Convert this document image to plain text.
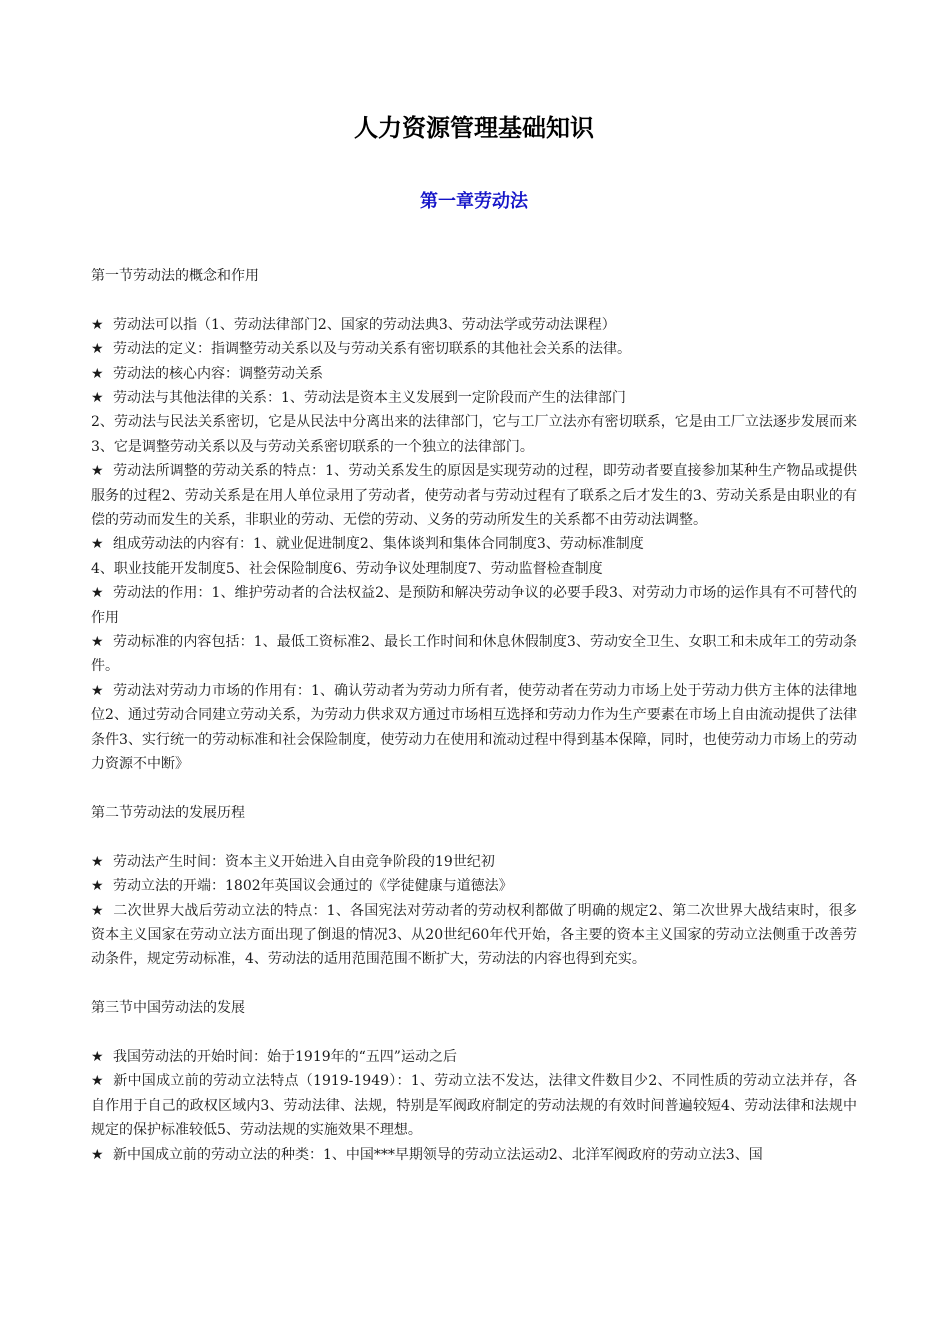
人力资源管理基础知识
第一章劳动法

第一节劳动法的概念和作用

★ 劳动法可以指（1、劳动法律部门2、国家的劳动法典3、劳动法学或劳动法课程）

★ 劳动法的定义：指调整劳动关系以及与劳动关系有密切联系的其他社会关系的法律。

★ 劳动法的核心内容：调整劳动关系

★ 劳动法与其他法律的关系：1、劳动法是资本主义发展到一定阶段而产生的法律部门

2、劳动法与民法关系密切，它是从民法中分离出来的法律部门，它与工厂立法亦有密切联系，它是由工厂立法逐步发展而来3、它是调整劳动关系以及与劳动关系密切联系的一个独立的法律部门。

★ 劳动法所调整的劳动关系的特点：1、劳动关系发生的原因是实现劳动的过程，即劳动者要直接参加某种生产物品或提供服务的过程2、劳动关系是在用人单位录用了劳动者，使劳动者与劳动过程有了联系之后才发生的3、劳动关系是由职业的有偿的劳动而发生的关系，非职业的劳动、无偿的劳动、义务的劳动所发生的关系都不由劳动法调整。

★ 组成劳动法的内容有：1、就业促进制度2、集体谈判和集体合同制度3、劳动标准制度

4、职业技能开发制度5、社会保险制度6、劳动争议处理制度7、劳动监督检查制度

★ 劳动法的作用：1、维护劳动者的合法权益2、是预防和解决劳动争议的必要手段3、对劳动力市场的运作具有不可替代的作用

★ 劳动标准的内容包括：1、最低工资标准2、最长工作时间和休息休假制度3、劳动安全卫生、女职工和未成年工的劳动条件。

★ 劳动法对劳动力市场的作用有：1、确认劳动者为劳动力所有者，使劳动者在劳动力市场上处于劳动力供方主体的法律地位2、通过劳动合同建立劳动关系，为劳动力供求双方通过市场相互选择和劳动力作为生产要素在市场上自由流动提供了法律条件3、实行统一的劳动标准和社会保险制度，使劳动力在使用和流动过程中得到基本保障，同时，也使劳动力市场上的劳动力资源不中断》

第二节劳动法的发展历程

★ 劳动法产生时间：资本主义开始进入自由竞争阶段的19世纪初

★ 劳动立法的开端：1802年英国议会通过的《学徒健康与道德法》

★ 二次世界大战后劳动立法的特点：1、各国宪法对劳动者的劳动权利都做了明确的规定2、第二次世界大战结束时，很多资本主义国家在劳动立法方面出现了倒退的情况3、从20世纪60年代开始，各主要的资本主义国家的劳动立法侧重于改善劳动条件，规定劳动标准，4、劳动法的适用范围范围不断扩大，劳动法的内容也得到充实。

第三节中国劳动法的发展

★ 我国劳动法的开始时间：始于1919年的“五四”运动之后

★ 新中国成立前的劳动立法特点（1919-1949）：1、劳动立法不发达，法律文件数目少2、不同性质的劳动立法并存，各自作用于自己的政权区域内3、劳动法律、法规，特别是军阀政府制定的劳动法规的有效时间普遍较短4、劳动法律和法规中规定的保护标准较低5、劳动法规的实施效果不理想。

★ 新中国成立前的劳动立法的种类：1、中国***早期领导的劳动立法运动2、北洋军阀政府的劳动立法3、国
